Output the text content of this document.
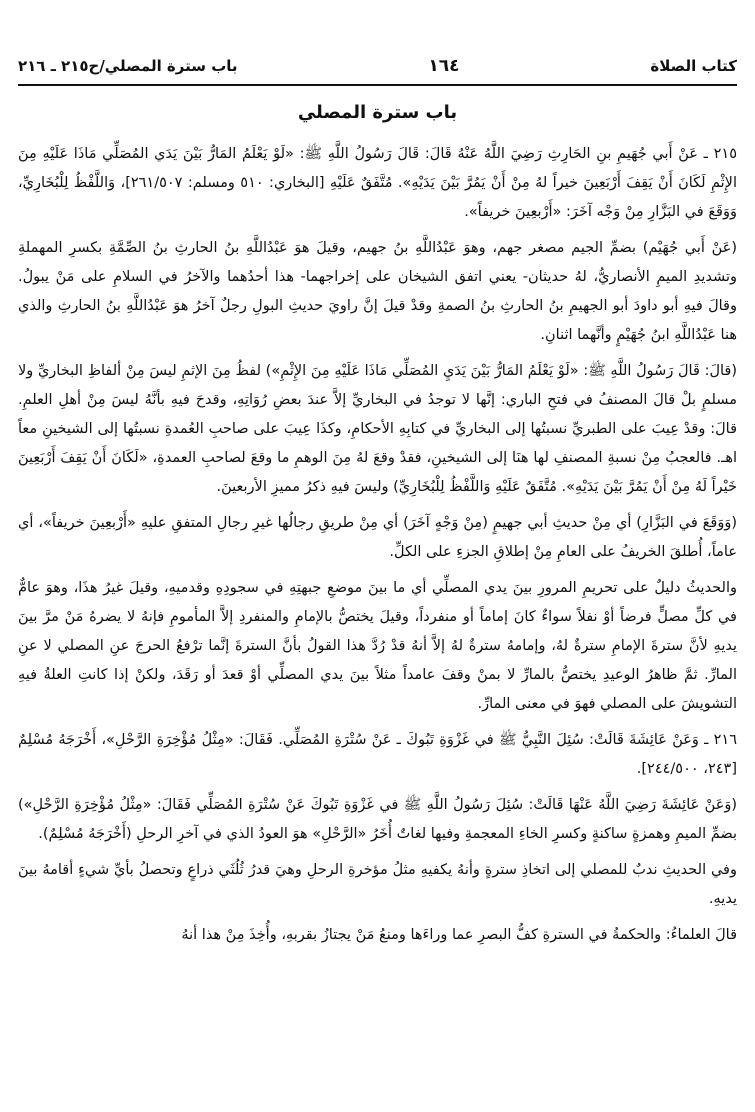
كتاب الصلاة
١٦٤
باب سترة المصلي/ح٢١٥ ـ ٢١٦
باب سترة المصلي

٢١٥ ـ عَنْ أَبي جُهَيمِ بنِ الحَارِثِ رَضِيَ اللَّهُ عَنْهُ قَالَ: قَالَ رَسُولُ اللَّهِ ﷺ: «لَوْ يَعْلَمُ المَارُّ بَيْنَ يَدَي المُصَلِّي مَاذَا عَلَيْهِ مِنَ الإِثْمِ لَكَانَ أَنْ يَقِفَ أَرْبَعِينَ خيراً لهُ مِنْ أَنْ يَمُرَّ بَيْنَ يَدَيْهِ». مُتَّفَقٌ عَلَيْهِ [البخاري: ٥١٠ ومسلم: ٢٦١/٥٠٧]، وَاللَّفْظُ لِلْبُخَارِيِّ، وَوَقَعَ في البَزَّارِ مِنْ وَجْه آخَرَ: «أَرْبعِينَ خريفاً».

(عَنْ أَبي جُهَيْم) بضمِّ الجيم مصغر جهم، وهوَ عَبْدُاللَّهِ بنُ جهيم، وقيلَ هوَ عَبْدُاللَّهِ بنُ الحارثِ بنُ الصِّمَّةِ بكسرِ المهملةِ وتشديدِ الميمِ الأنصاريُّ، لهُ حديثان- يعني اتفق الشيخان على إخراجهما- هذا أحدُهما والآخرُ في السلامِ على مَنْ يبولُ. وقالَ فيهِ أبو داودَ أبو الجهيمِ بنُ الحارثِ بنُ الصمةِ وقدْ قيلَ إنَّ راويَ حديثِ البولِ رجلٌ آخرُ هوَ عَبْدُاللَّهِ بنُ الحارثِ والذي هنا عَبْدُاللَّهِ ابنُ جُهَيْمٍ وأنَّهما اثنانِ.

(قالَ: قَالَ رَسُولُ اللَّهِ ﷺ: «لَوْ يَعْلَمُ المَارُّ بَيْنَ يَدَيِ المُصَلِّي مَاذَا عَلَيْهِ مِنَ الإِثْمِ») لفظُ مِنَ الإثمِ ليسَ مِنْ ألفاظِ البخاريِّ ولا مسلمٍ بلْ قالَ المصنفُ في فتحِ الباري: إنَّها لا توجدُ في البخاريِّ إلاَّ عندَ بعضِ رُوَاتِهِ، وقدحَ فيهِ بأنَّهُ ليسَ مِنْ أهلِ العلمِ. قالَ: وقدْ عِيبَ على الطبريِّ نسبتُها إلى البخاريِّ في كتابِهِ الأحكامِ، وكذَا عِيبَ على صاحبِ العُمدةِ نسبتُها إلى الشيخينِ معاً اهـ. فالعجبُ مِنْ نسبةِ المصنفِ لها هنَا إلى الشيخينِ، فقدْ وقعَ لهُ مِنَ الوهمِ ما وقعَ لصاحبِ العمدةِ، «لَكَانَ أَنْ يَقِفَ أَرْبَعِينَ خَيْراً لَهُ مِنْ أَنْ يَمُرَّ بَيْنَ يَدَيْهِ». مُتَّفَقٌ عَلَيْهِ وَاللَّفْظُ لِلْبُخَارِيِّ) وليسَ فيهِ ذكرُ مميزِ الأربعينَ.

(وَوَقَعَ في البَزَّارِ) أي مِنْ حديثِ أبي جهيمٍ (مِنْ وَجْهٍ آخَرَ) أي مِنْ طريقِ رجالُها غيرِ رجالِ المتفقِ عليهِ «أَرْبعِينَ خريفاً»، أي عاماً، أُطلقَ الخريفُ على العامِ مِنْ إطلاقِ الجزءِ على الكلِّ.

والحديثُ دليلٌ على تحريمِ المرورِ بينَ يدي المصلِّي أي ما بينَ موضعِ جبهتِهِ في سجودِهِ وقدميهِ، وقيلَ غيرُ هذَا، وهوَ عامٌّ في كلِّ مصلٍّ فرضاً أوْ نفلاً سواءٌ كانَ إماماً أو منفرداً، وقيلَ يختصُّ بالإمامِ والمنفردِ إلاَّ المأمومِ فإنهُ لا يضرهُ مَنْ مرَّ بينَ يديهِ لأنَّ سترةَ الإمامِ سترةٌ لهُ، وإمامهُ سترةٌ لهُ إلاَّ أنهُ قدْ رُدَّ هذا القولُ بأنَّ السترةَ إنَّما ترْفعُ الحرجَ عنِ المصلي لا عنِ المارِّ. ثمَّ ظاهرُ الوعيدِ يختصُّ بالمارِّ لا بمنْ وقفَ عامداً مثلاً بينَ يدي المصلِّي أوْ قعدَ أو رَقَدَ، ولكنْ إذا كانتِ العلةُ فيهِ التشويشَ على المصلي فهوَ في معنى المارِّ.

٢١٦ ـ وَعَنْ عَائِشَةَ قَالَتْ: سُئِلَ النَّبِيُّ ﷺ في غَزْوَةِ تَبُوكَ ـ عَنْ سُتْرَةِ المُصَلِّي. فَقَالَ: «مِثْلُ مُؤْخِرَةِ الرَّحْلِ»، أَخْرَجَهُ مُسْلِمٌ [٢٤٣، ٢٤٤/٥٠٠].

(وَعَنْ عَائِشَةَ رَضِيَ اللَّهُ عَنْهَا قَالَتْ: سُئِلَ رَسُولُ اللَّهِ ﷺ في غَزْوَةِ تَبُوكَ عَنْ سُتْرَةِ المُصَلِّي فَقَالَ: «مِثْلُ مُؤْخِرَةِ الرَّحْلِ») بضمِّ الميمِ وهمزةٍ ساكنةٍ وكسرِ الخاءِ المعجمةِ وفيها لغاتٌ أُخَرُ «الرَّحْلِ» هوَ العودُ الذي في آخرِ الرحلِ (أَخْرَجَهُ مُسْلِمٌ).

وفي الحديثِ ندبٌ للمصلي إلى اتخاذِ سترةٍ وأنهُ يكفيهِ مثلُ مؤخرةِ الرحلِ وهيَ قدرُ ثُلُثَي ذراعٍ وتحصلُ بأيِّ شيءٍ أقامهُ بينَ يديهِ.

قالَ العلماءُ: والحكمةُ في السترةِ كفُّ البصرِ عما وراءَها ومنعُ مَنْ يجتازُ بقربهِ، وأُخِذَ مِنْ هذا أنهُ
